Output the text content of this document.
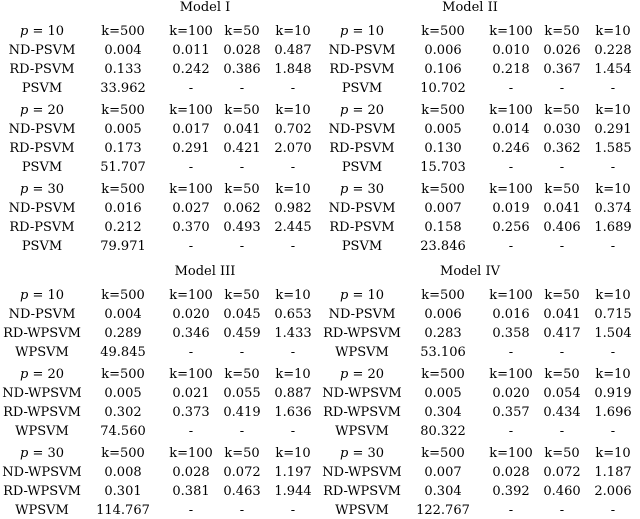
Model I
p = 10	k=500	k=100 k=50	k=10
ND-PSVM	0.004	0.011	0.028	0.487
RD-PSVM	0.133	0.242	0.386	1.848
PSVM	33.962	-	-	-
p = 20	k=500	k=100 k=50	k=10
ND-PSVM	0.005	0.017	0.041	0.702
RD-PSVM	0.173	0.291	0.421	2.070
PSVM	51.707	-	-	-
p = 30	k=500	k=100 k=50	k=10
ND-PSVM	0.016	0.027	0.062	0.982
RD-PSVM	0.212	0.370	0.493	2.445
PSVM	79.971	-	-	-
Model II
p = 10	k=500	k=100 k=50	k=10
ND-PSVM	0.006	0.010	0.026	0.228
RD-PSVM	0.106	0.218	0.367	1.454
PSVM	10.702	-	-	-
p = 20	k=500	k=100 k=50	k=10
ND-PSVM	0.005	0.014	0.030	0.291
RD-PSVM	0.130	0.246	0.362	1.585
PSVM	15.703	-	-	-
p = 30	k=500	k=100 k=50	k=10
ND-PSVM	0.007	0.019	0.041	0.374
RD-PSVM	0.158	0.256	0.406	1.689
PSVM	23.846	-	-	-
Model III
p = 10	k=500	k=100 k=50	k=10
ND-PSVM	0.004	0.020	0.045	0.653
RD-WPSVM	0.289	0.346	0.459	1.433
WPSVM	49.845	-	-	-
p = 20	k=500	k=100 k=50	k=10
ND-WPSVM	0.005	0.021	0.055	0.887
RD-WPSVM	0.302	0.373	0.419	1.636
WPSVM	74.560	-	-	-
p = 30	k=500	k=100 k=50	k=10
ND-WPSVM	0.008	0.028	0.072	1.197
RD-WPSVM	0.301	0.381	0.463	1.944
WPSVM	114.767	-	-	-
Model IV
p = 10	k=500	k=100 k=50	k=10
ND-PSVM	0.006	0.016	0.041	0.715
RD-WPSVM	0.283	0.358	0.417	1.504
WPSVM	53.106	-	-	-
p = 20	k=500	k=100 k=50	k=10
ND-WPSVM	0.005	0.020	0.054	0.919
RD-WPSVM	0.304	0.357	0.434	1.696
WPSVM	80.322	-	-	-
p = 30	k=500	k=100 k=50	k=10
ND-WPSVM	0.007	0.028	0.072	1.187
RD-WPSVM	0.304	0.392	0.460	2.006
WPSVM	122.767	-	-	-
